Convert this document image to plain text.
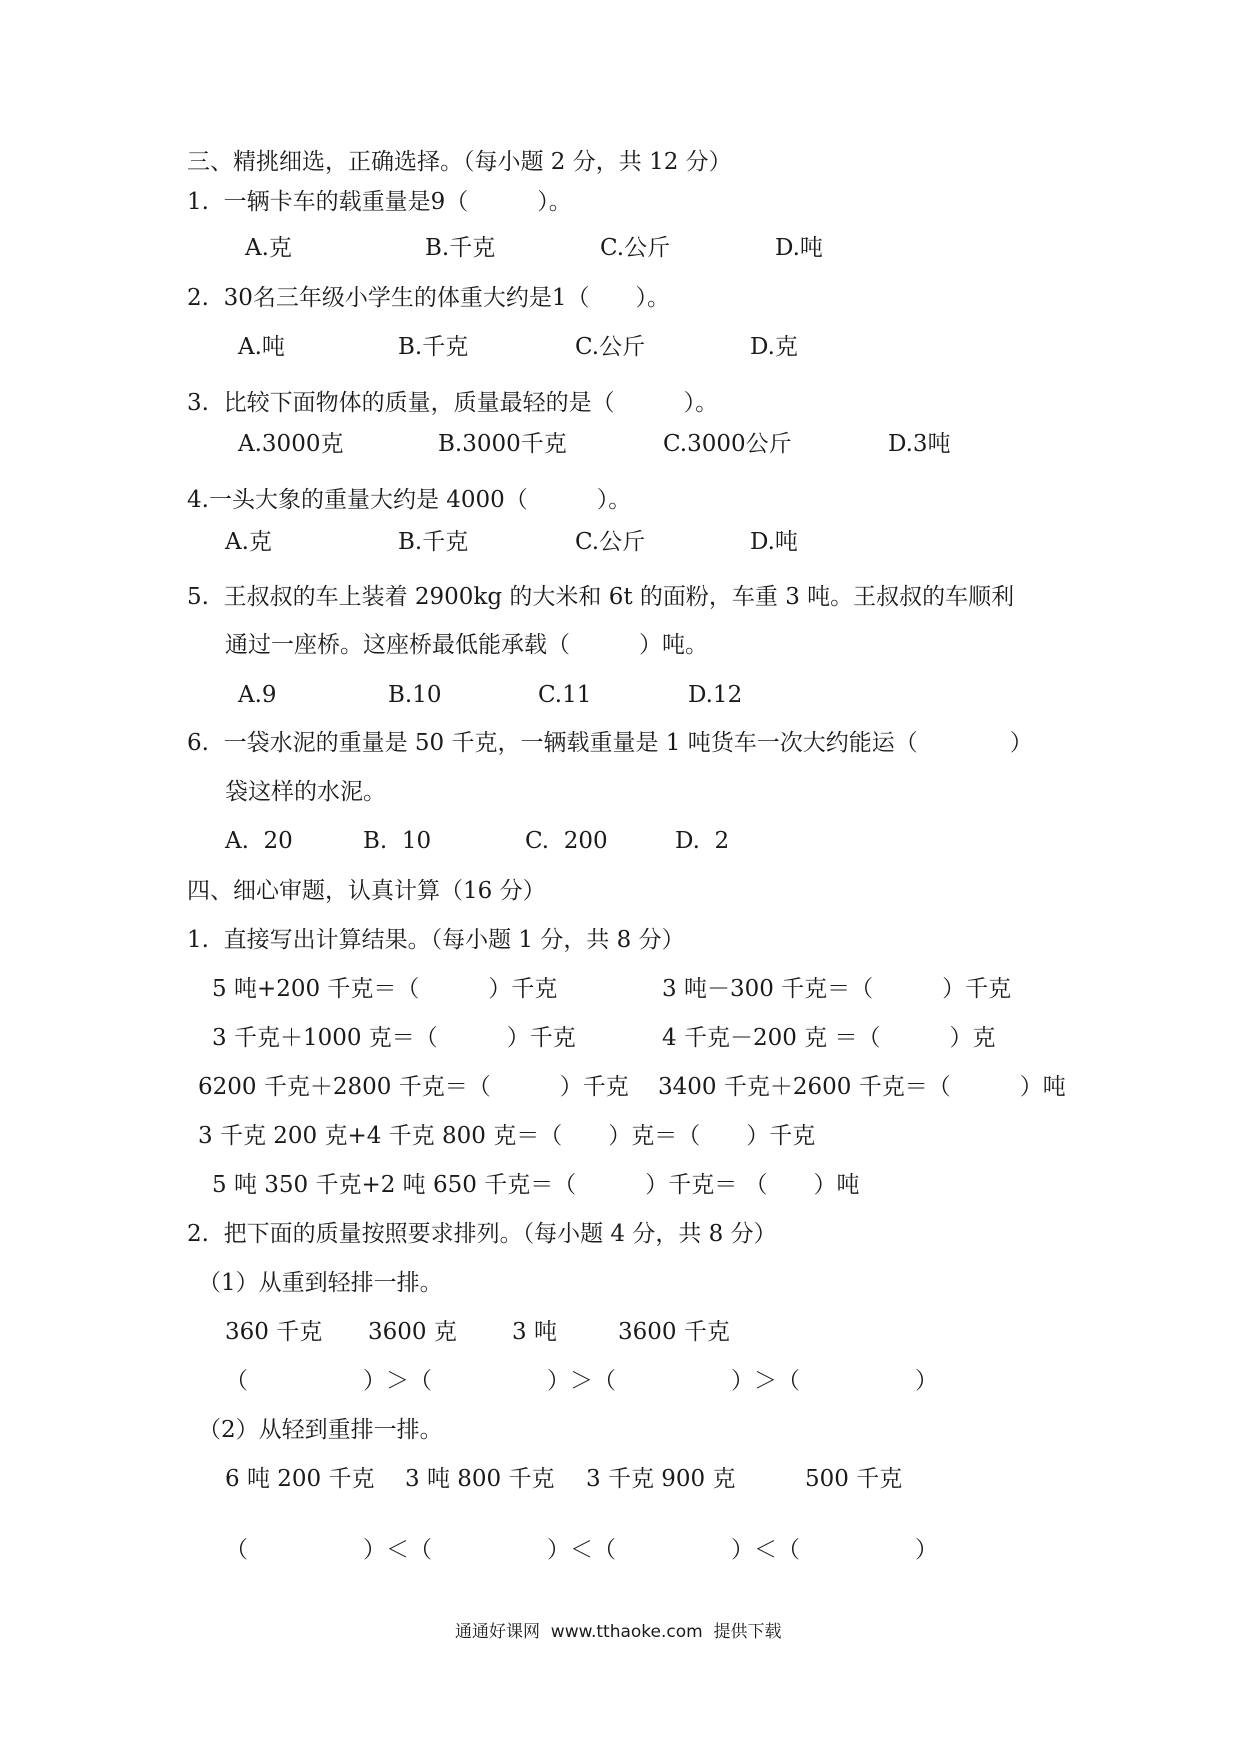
三、精挑细选，正确选择。（每小题 2 分，共 12 分）
1.  一辆卡车的载重量是9（　　　）。
A.克	B.千克	C.公斤	D.吨
2.  30名三年级小学生的体重大约是1（　　）。
A.吨	B.千克	C.公斤	D.克
3.  比较下面物体的质量，质量最轻的是（　　　）。
A.3000克	B.3000千克	C.3000公斤	D.3吨
4.一头大象的重量大约是 4000（　　　）。
A.克	B.千克	C.公斤	D.吨
5.  王叔叔的车上装着 2900kg 的大米和 6t 的面粉，车重 3 吨。王叔叔的车顺利
通过一座桥。这座桥最低能承载（　　　）吨。
A.9	B.10	C.11	D.12
6.  一袋水泥的重量是 50 千克，一辆载重量是 1 吨货车一次大约能运（　　　　）
袋这样的水泥。
A.  20	B.  10	C.  200	D.  2
四、细心审题，认真计算（16 分）
1.  直接写出计算结果。（每小题 1 分，共 8 分）
5 吨+200 千克＝（　　　）千克	3 吨－300 千克＝（　　　）千克
3 千克＋1000 克＝（　　　）千克	4 千克－200 克 ＝（　　　）克
6200 千克＋2800 千克＝（　　　）千克 3400 千克＋2600 千克＝（　　　）吨
3 千克 200 克+4 千克 800 克＝（　　）克＝（　　）千克
5 吨 350 千克+2 吨 650 千克＝（　　　）千克＝ （　　）吨
2.  把下面的质量按照要求排列。（每小题 4 分，共 8 分）
（1）从重到轻排一排。
360 千克 3600 克 3 吨	3600 千克
（　　　　　）＞（　　　　　）＞（　　　　　）＞（　　　　　）
（2）从轻到重排一排。
6 吨 200 千克 3 吨 800 千克 3 千克 900 克	500 千克
（　　　　　）＜（　　　　　）＜（　　　　　）＜（　　　　　）
通通好课网  www.tthaoke.com  提供下载
